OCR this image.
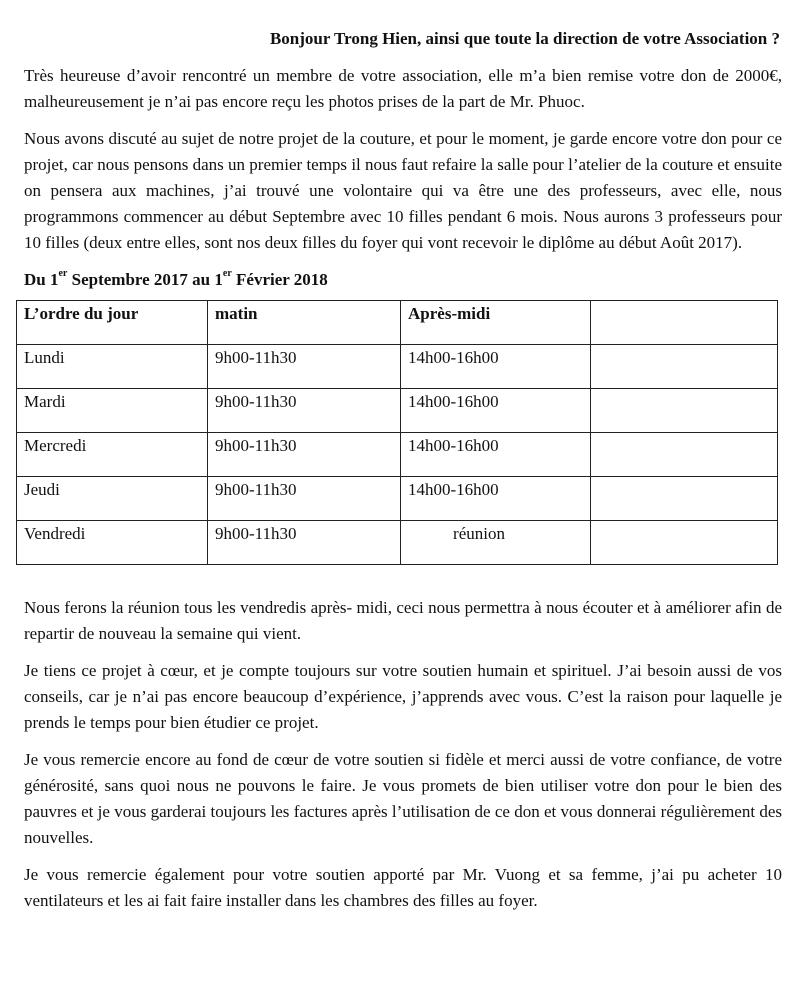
Bonjour Trong Hien, ainsi que toute la direction de votre Association ?

Très heureuse d’avoir rencontré un membre de votre association, elle m’a bien remise votre don de 2000€, malheureusement je n’ai pas encore reçu les photos prises de la part de Mr. Phuoc.

Nous avons discuté au sujet de notre projet de la couture, et pour le moment, je garde encore votre don pour ce projet, car nous pensons dans un premier temps il nous faut refaire la salle pour l’atelier de la couture et ensuite on pensera aux machines, j’ai trouvé une volontaire qui va être une des professeurs, avec elle, nous programmons commencer au début Septembre avec 10 filles pendant 6 mois. Nous aurons 3 professeurs pour 10 filles (deux entre elles, sont nos deux filles du foyer qui vont recevoir le diplôme au début Août 2017).

Du 1er Septembre 2017 au 1er Février 2018
L’ordre du jour	matin	Après-midi	
Lundi	9h00-11h30	14h00-16h00	
Mardi	9h00-11h30	14h00-16h00	
Mercredi	9h00-11h30	14h00-16h00	
Jeudi	9h00-11h30	14h00-16h00	
Vendredi	9h00-11h30	réunion	

Nous ferons la réunion tous les vendredis après- midi, ceci nous permettra à nous écouter et à améliorer afin de repartir de nouveau la semaine qui vient.

Je tiens ce projet à cœur, et je compte toujours sur votre soutien humain et spirituel. J’ai besoin aussi de vos conseils, car je n’ai pas encore beaucoup d’expérience, j’apprends avec vous. C’est la raison pour laquelle je prends le temps pour bien étudier ce projet.

Je vous remercie encore au fond de cœur de votre soutien si fidèle et merci aussi de votre confiance, de votre générosité, sans quoi nous ne pouvons le faire. Je vous promets de bien utiliser votre don pour le bien des pauvres et je vous garderai toujours les factures après l’utilisation de ce don et vous donnerai régulièrement des nouvelles.

Je vous remercie également pour votre soutien apporté par Mr. Vuong et sa femme, j’ai pu acheter 10 ventilateurs et les ai fait faire installer dans les chambres des filles au foyer.
